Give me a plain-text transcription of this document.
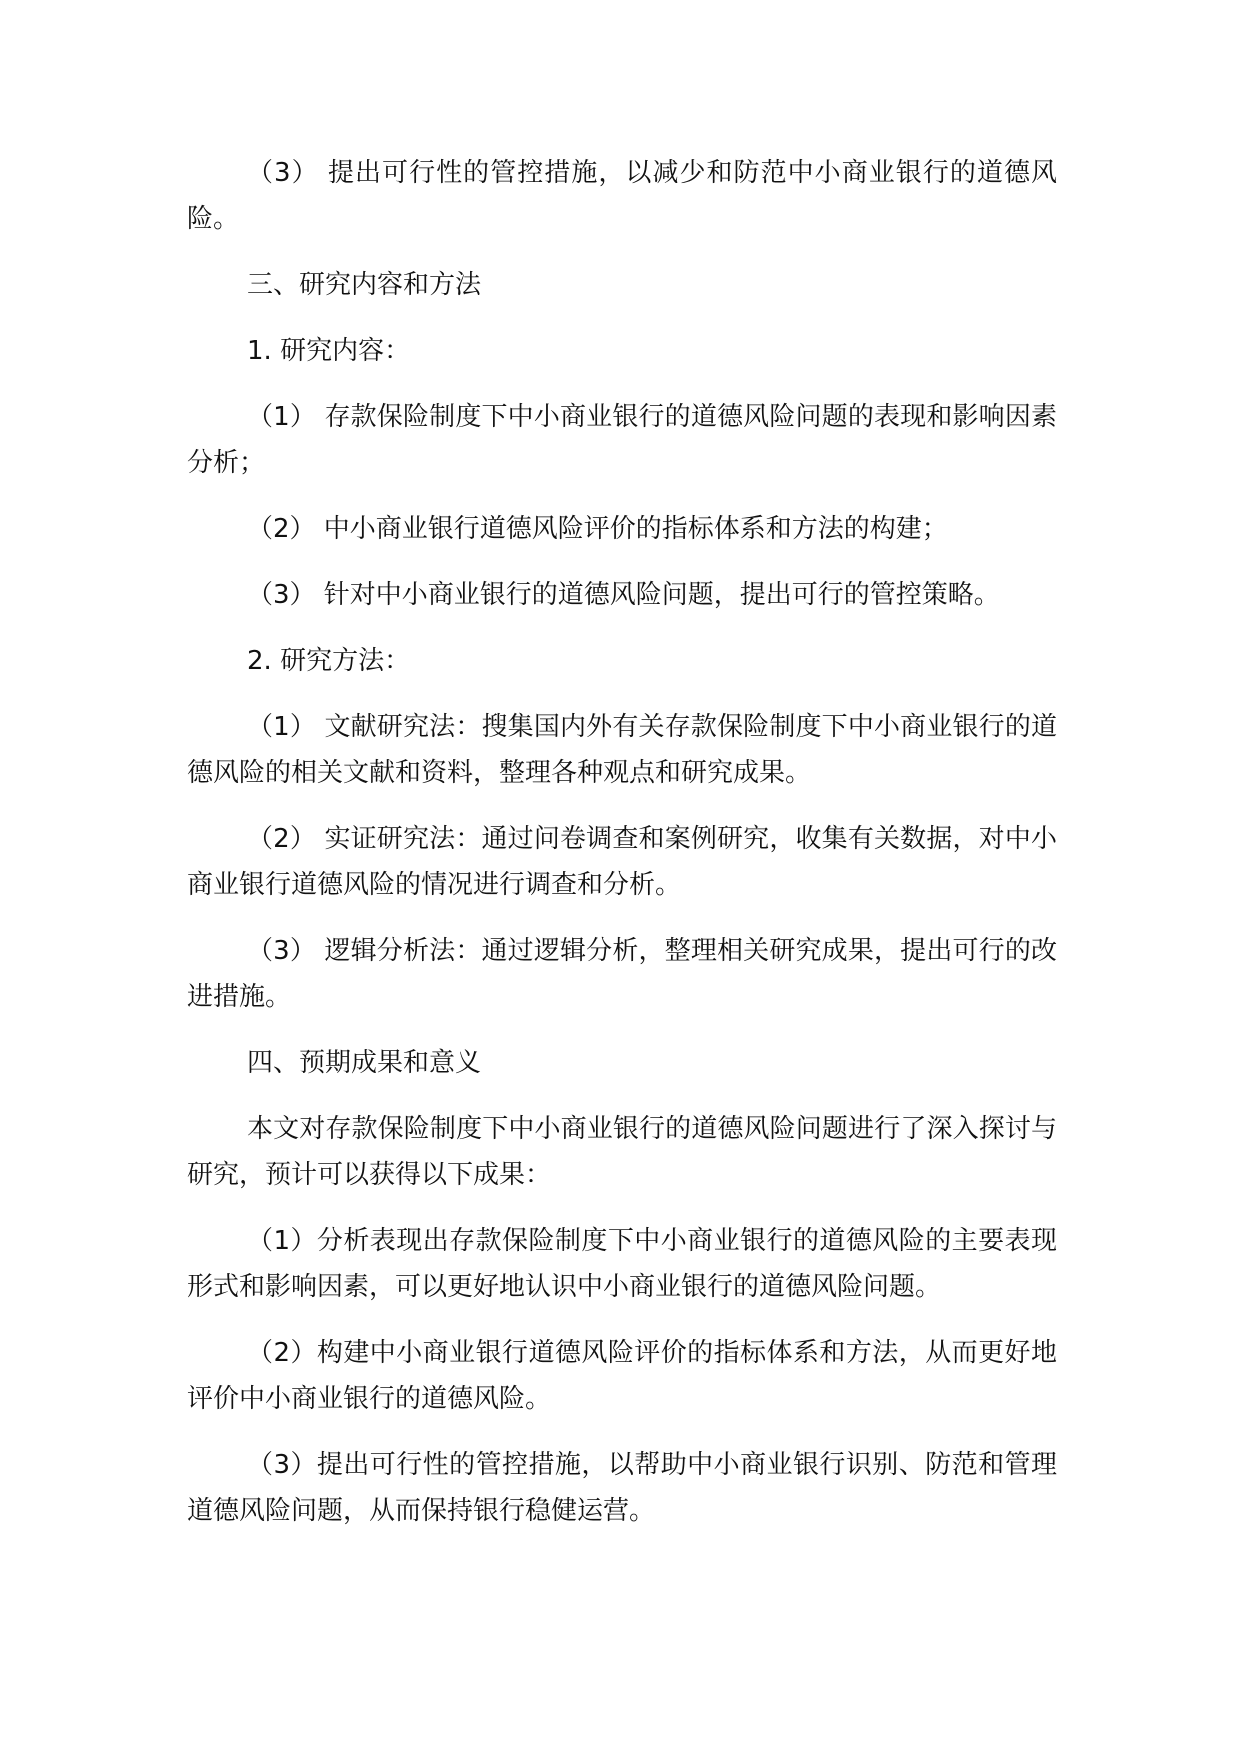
（3） 提出可行性的管控措施，以减少和防范中小商业银行的道德风险。

三、研究内容和方法

1. 研究内容：

（1） 存款保险制度下中小商业银行的道德风险问题的表现和影响因素分析；

（2） 中小商业银行道德风险评价的指标体系和方法的构建；

（3） 针对中小商业银行的道德风险问题，提出可行的管控策略。

2. 研究方法：

（1） 文献研究法：搜集国内外有关存款保险制度下中小商业银行的道德风险的相关文献和资料，整理各种观点和研究成果。

（2） 实证研究法：通过问卷调查和案例研究，收集有关数据，对中小商业银行道德风险的情况进行调查和分析。

（3） 逻辑分析法：通过逻辑分析，整理相关研究成果，提出可行的改进措施。

四、预期成果和意义

本文对存款保险制度下中小商业银行的道德风险问题进行了深入探讨与研究，预计可以获得以下成果：

（1）分析表现出存款保险制度下中小商业银行的道德风险的主要表现形式和影响因素，可以更好地认识中小商业银行的道德风险问题。

（2）构建中小商业银行道德风险评价的指标体系和方法，从而更好地评价中小商业银行的道德风险。

（3）提出可行性的管控措施，以帮助中小商业银行识别、防范和管理道德风险问题，从而保持银行稳健运营。
